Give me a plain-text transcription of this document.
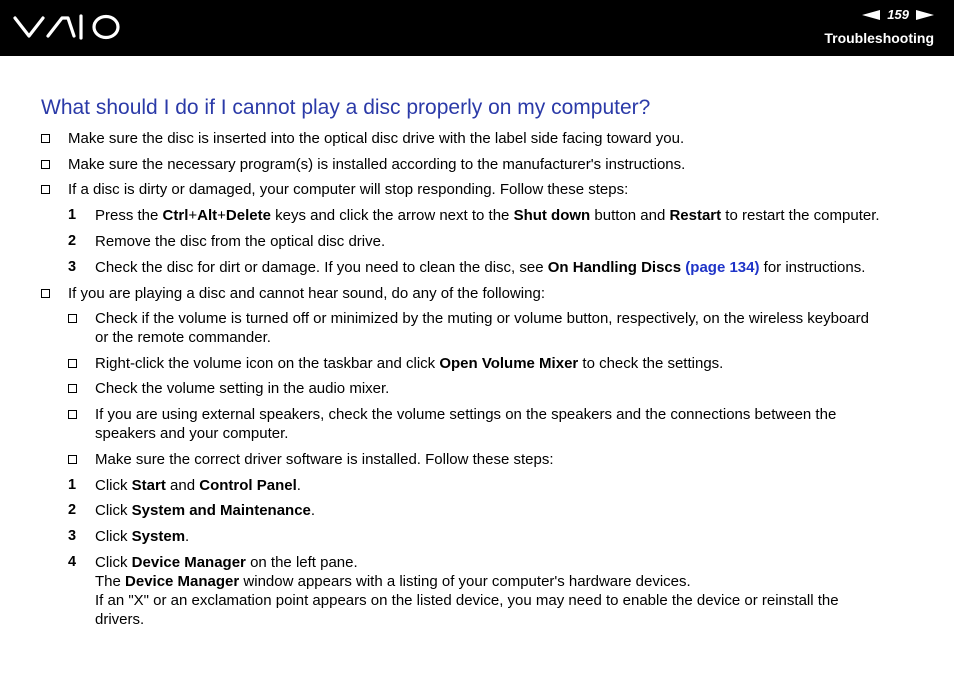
159
Troubleshooting
What should I do if I cannot play a disc properly on my computer?
Make sure the disc is inserted into the optical disc drive with the label side facing toward you.
Make sure the necessary program(s) is installed according to the manufacturer's instructions.
If a disc is dirty or damaged, your computer will stop responding. Follow these steps:
1 Press the Ctrl+Alt+Delete keys and click the arrow next to the Shut down button and Restart to restart the computer.
2 Remove the disc from the optical disc drive.
3 Check the disc for dirt or damage. If you need to clean the disc, see On Handling Discs (page 134) for instructions.
If you are playing a disc and cannot hear sound, do any of the following:
Check if the volume is turned off or minimized by the muting or volume button, respectively, on the wireless keyboard
or the remote commander.
Right-click the volume icon on the taskbar and click Open Volume Mixer to check the settings.
Check the volume setting in the audio mixer.
If you are using external speakers, check the volume settings on the speakers and the connections between the
speakers and your computer.
Make sure the correct driver software is installed. Follow these steps:
1 Click Start and Control Panel.
2 Click System and Maintenance.
3 Click System.
4 Click Device Manager on the left pane.
The Device Manager window appears with a listing of your computer's hardware devices.
If an "X" or an exclamation point appears on the listed device, you may need to enable the device or reinstall the
drivers.
